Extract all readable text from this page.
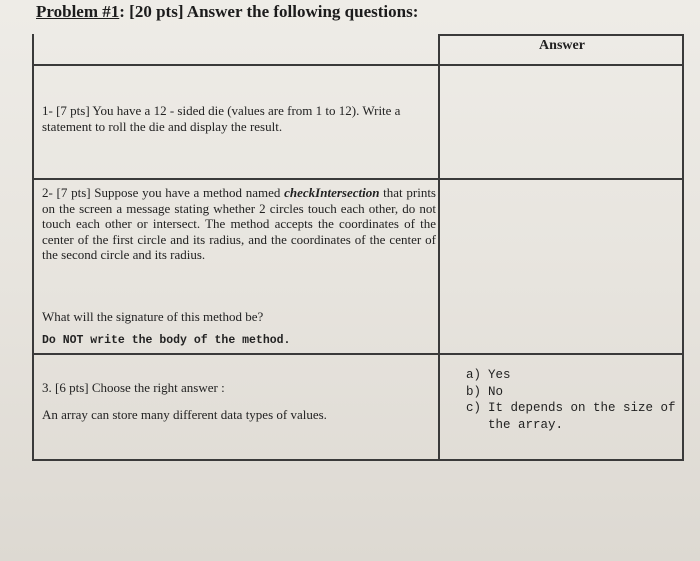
Problem #1: [20 pts] Answer the following questions:
Answer
1- [7 pts] You have a 12 - sided die (values are from 1 to 12). Write a statement to roll the die and display the result.
2- [7 pts] Suppose you have a method named checkIntersection that prints on the screen a message stating whether 2 circles touch each other, do not touch each other or intersect. The method accepts the coordinates of the center of the first circle and its radius, and the coordinates of the center of the second circle and its radius.
What will the signature of this method be?
Do NOT write the body of the method.
3. [6 pts] Choose the right answer :
An array can store many different data types of values.
a) Yes
b) No
c) It depends on the size of the array.
